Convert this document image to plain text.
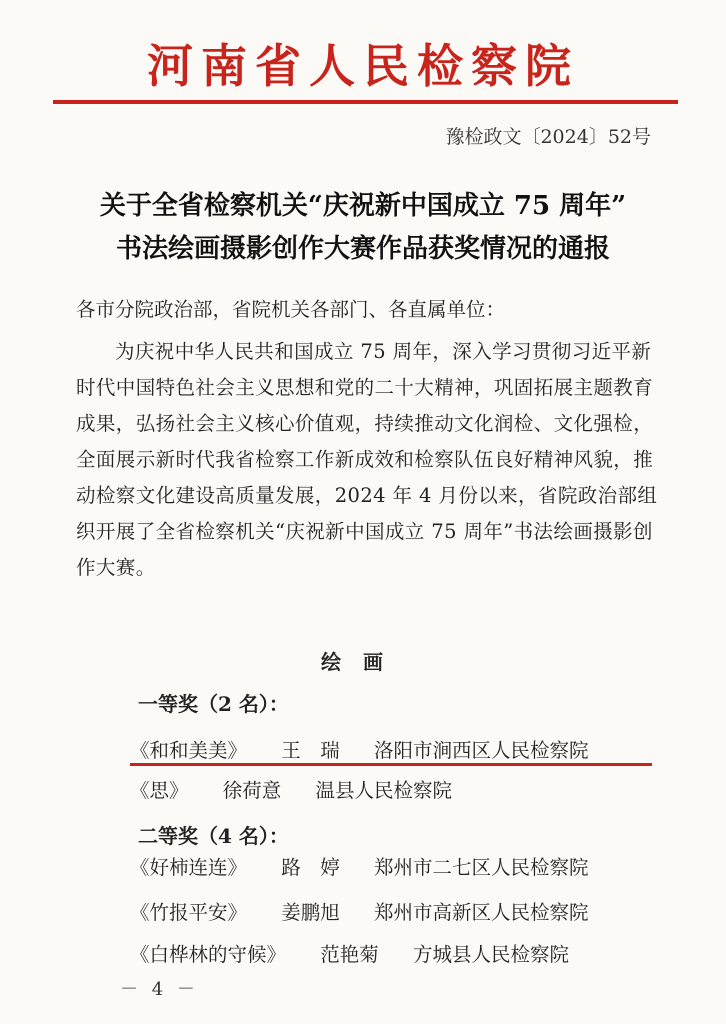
河南省人民检察院
豫检政文〔2024〕52号
关于全省检察机关“庆祝新中国成立 75 周年”
书法绘画摄影创作大赛作品获奖情况的通报
各市分院政治部，省院机关各部门、各直属单位：
为庆祝中华人民共和国成立 75 周年，深入学习贯彻习近平新时代中国特色社会主义思想和党的二十大精神，巩固拓展主题教育成果，弘扬社会主义核心价值观，持续推动文化润检、文化强检，全面展示新时代我省检察工作新成效和检察队伍良好精神风貌，推动检察文化建设高质量发展，2024 年 4 月份以来，省院政治部组织开展了全省检察机关“庆祝新中国成立 75 周年”书法绘画摄影创作大赛。
绘画
一等奖（2 名）：
《和和美美》 王　瑞 洛阳市涧西区人民检察院
《思》 徐荷意 温县人民检察院
二等奖（4 名）：
《好柿连连》 路　婷 郑州市二七区人民检察院
《竹报平安》 姜鹏旭 郑州市高新区人民检察院
《白桦林的守候》 范艳菊 方城县人民检察院
－ 4 －
